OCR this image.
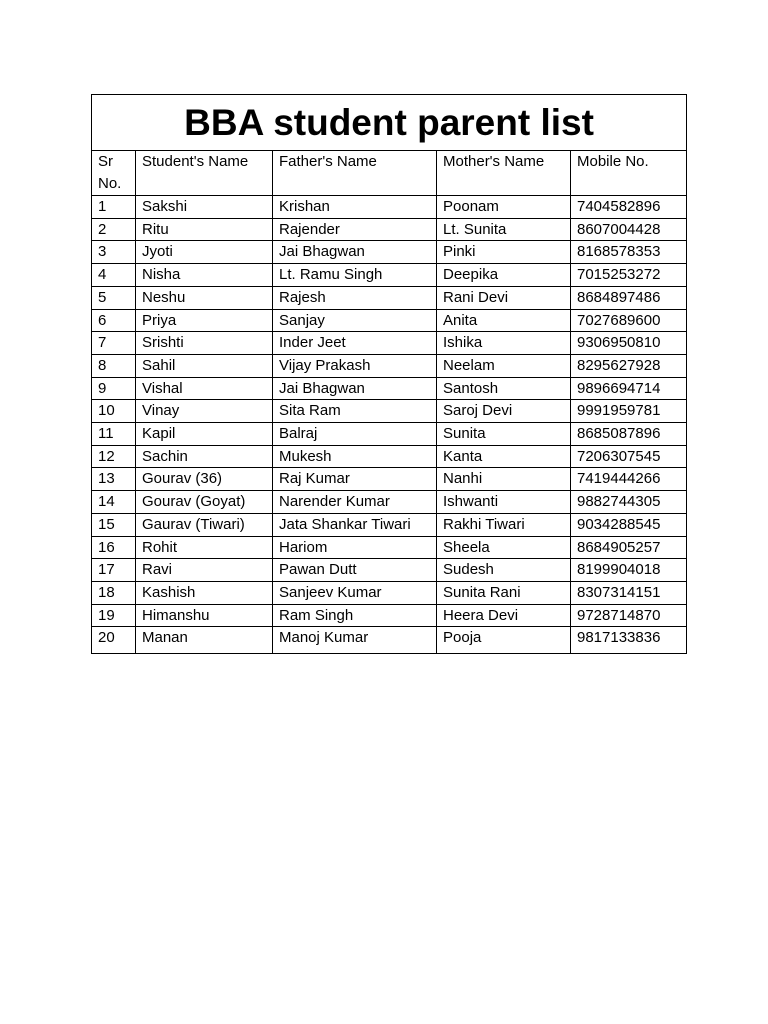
BBA student parent list				
Sr No.	Student's Name	Father's Name	Mother's Name	Mobile No.
1	Sakshi	Krishan	Poonam	7404582896
2	Ritu	Rajender	Lt. Sunita	8607004428
3	Jyoti	Jai Bhagwan	Pinki	8168578353
4	Nisha	Lt. Ramu Singh	Deepika	7015253272
5	Neshu	Rajesh	Rani Devi	8684897486
6	Priya	Sanjay	Anita	7027689600
7	Srishti	Inder Jeet	Ishika	9306950810
8	Sahil	Vijay Prakash	Neelam	8295627928
9	Vishal	Jai Bhagwan	Santosh	9896694714
10	Vinay	Sita Ram	Saroj Devi	9991959781
11	Kapil	Balraj	Sunita	8685087896
12	Sachin	Mukesh	Kanta	7206307545
13	Gourav (36)	Raj Kumar	Nanhi	7419444266
14	Gourav (Goyat)	Narender Kumar	Ishwanti	9882744305
15	Gaurav (Tiwari)	Jata Shankar Tiwari	Rakhi Tiwari	9034288545
16	Rohit	Hariom	Sheela	8684905257
17	Ravi	Pawan Dutt	Sudesh	8199904018
18	Kashish	Sanjeev Kumar	Sunita Rani	8307314151
19	Himanshu	Ram Singh	Heera Devi	9728714870
20	Manan	Manoj Kumar	Pooja	9817133836
